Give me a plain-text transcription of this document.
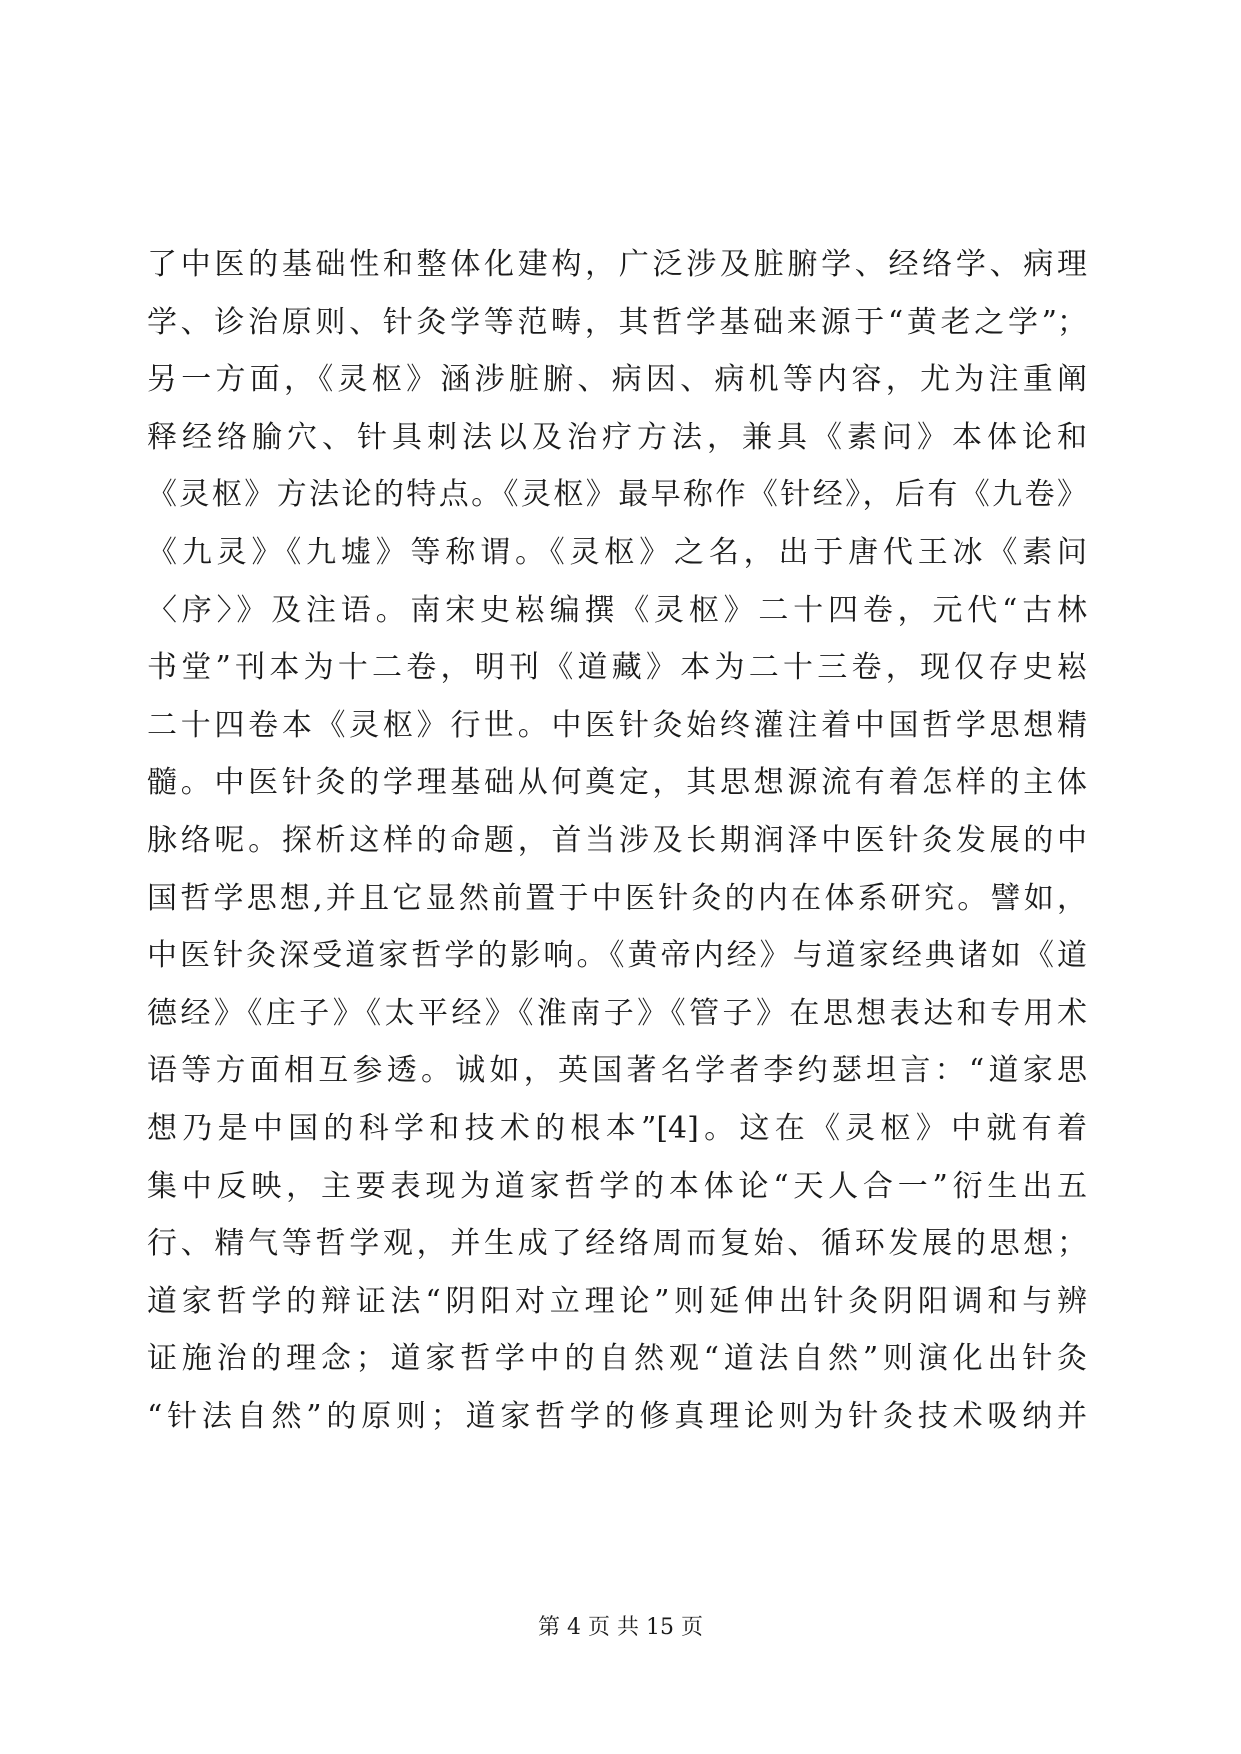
了中医的基础性和整体化建构，广泛涉及脏腑学、经络学、病理
学、诊治原则、针灸学等范畴，其哲学基础来源于“黄老之学”；
另一方面，《灵枢》涵涉脏腑、病因、病机等内容，尤为注重阐
释经络腧穴、针具刺法以及治疗方法，兼具《素问》本体论和
《灵枢》方法论的特点。《灵枢》最早称作《针经》，后有《九卷》
《九灵》《九墟》等称谓。《灵枢》之名，出于唐代王冰《素问
〈序〉》及注语。南宋史崧编撰《灵枢》二十四卷，元代“古林
书堂”刊本为十二卷，明刊《道藏》本为二十三卷，现仅存史崧
二十四卷本《灵枢》行世。中医针灸始终灌注着中国哲学思想精
髓。中医针灸的学理基础从何奠定，其思想源流有着怎样的主体
脉络呢。探析这样的命题，首当涉及长期润泽中医针灸发展的中
国哲学思想,并且它显然前置于中医针灸的内在体系研究。譬如，
中医针灸深受道家哲学的影响。《黄帝内经》与道家经典诸如《道
德经》《庄子》《太平经》《淮南子》《管子》在思想表达和专用术
语等方面相互参透。诚如，英国著名学者李约瑟坦言：“道家思
想乃是中国的科学和技术的根本”[4]。这在《灵枢》中就有着
集中反映，主要表现为道家哲学的本体论“天人合一”衍生出五
行、精气等哲学观，并生成了经络周而复始、循环发展的思想；
道家哲学的辩证法“阴阳对立理论”则延伸出针灸阴阳调和与辨
证施治的理念；道家哲学中的自然观“道法自然”则演化出针灸
“针法自然”的原则；道家哲学的修真理论则为针灸技术吸纳并
第 4 页 共 15 页
